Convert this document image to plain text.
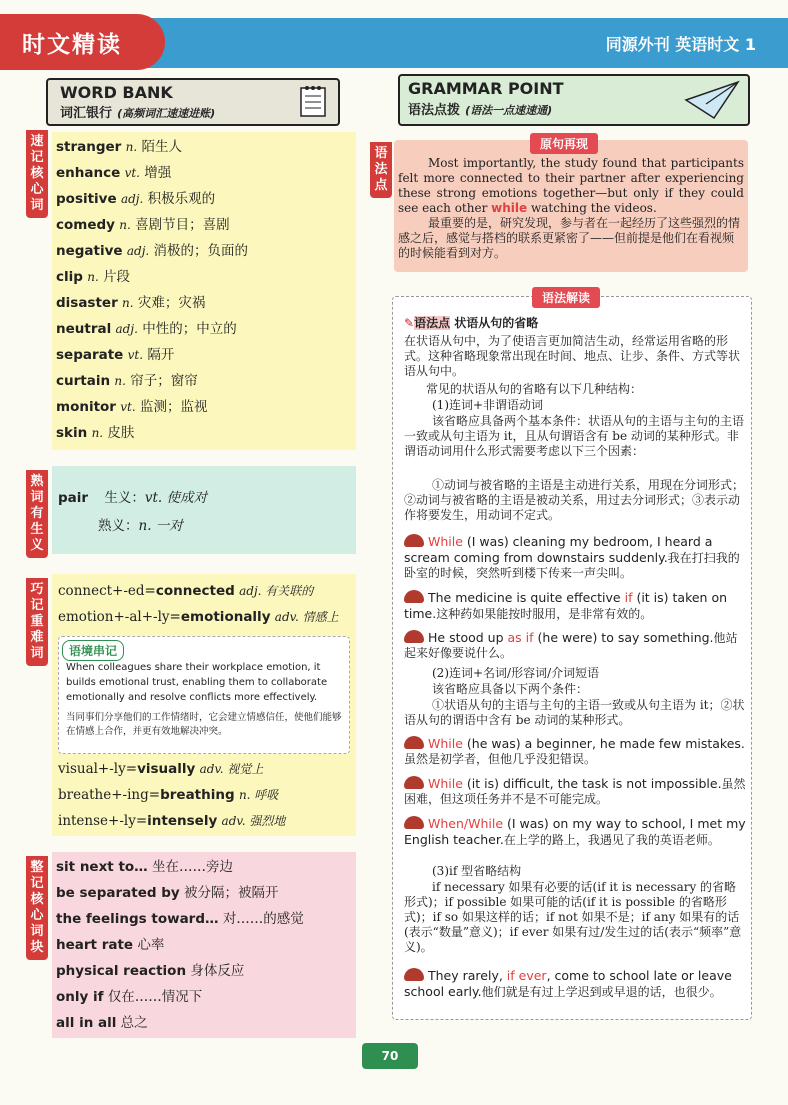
时文精读	同源外刊 英语时文 1
WORD BANK
词汇银行 (高频词汇速速进账)
GRAMMAR POINT
语法点拨 (语法一点速速通)
stranger n. 陌生人
enhance vt. 增强
positive adj. 积极乐观的
comedy n. 喜剧节目；喜剧
negative adj. 消极的；负面的
clip n. 片段
disaster n. 灾难；灾祸
neutral adj. 中性的；中立的
separate vt. 隔开
curtain n. 帘子；窗帘
monitor vt. 监测；监视
skin n. 皮肤
速记核心词
pair 生义：vt. 使成对
熟义：n. 一对
熟词有生义
connect+-ed=connected adj. 有关联的
emotion+-al+-ly=emotionally adv. 情感上
visual+-ly=visually adv. 视觉上
breathe+-ing=breathing n. 呼吸
intense+-ly=intensely adv. 强烈地
语境串记
When colleagues share their workplace emotion, it builds emotional trust, enabling them to collaborate emotionally and resolve conflicts more effectively.
当同事们分享他们的工作情绪时，它会建立情感信任，使他们能够在情感上合作，并更有效地解决冲突。
巧记重难词
sit next to… 坐在……旁边
be separated by 被分隔；被隔开
the feelings toward… 对……的感觉
heart rate 心率
physical reaction 身体反应
only if 仅在……情况下
all in all 总之
整记核心词块
语法点
原句再现
Most importantly, the study found that participants felt more connected to their partner after experiencing these strong emotions together—but only if they could see each other while watching the videos.
最重要的是，研究发现，参与者在一起经历了这些强烈的情感之后，感觉与搭档的联系更紧密了——但前提是他们在看视频的时候能看到对方。
语法解读
✎语法点 状语从句的省略
在状语从句中，为了使语言更加简洁生动，经常运用省略的形式。这种省略现象常出现在时间、地点、让步、条件、方式等状语从句中。
常见的状语从句的省略有以下几种结构：
(1)连词+非谓语动词
该省略应具备两个基本条件：状语从句的主语与主句的主语一致或从句主语为 it，且从句谓语含有 be 动词的某种形式。非谓语动词用什么形式需要考虑以下三个因素：
①动词与被省略的主语是主动进行关系，用现在分词形式；②动词与被省略的主语是被动关系，用过去分词形式；③表示动作将要发生，用动词不定式。
While (I was) cleaning my bedroom, I heard a scream coming from downstairs suddenly.我在打扫我的卧室的时候，突然听到楼下传来一声尖叫。
The medicine is quite effective if (it is) taken on time.这种药如果能按时服用，是非常有效的。
He stood up as if (he were) to say something.他站起来好像要说什么。
(2)连词+名词/形容词/介词短语
该省略应具备以下两个条件：
①状语从句的主语与主句的主语一致或从句主语为 it；②状语从句的谓语中含有 be 动词的某种形式。
While (he was) a beginner, he made few mistakes.虽然是初学者，但他几乎没犯错误。
While (it is) difficult, the task is not impossible.虽然困难，但这项任务并不是不可能完成。
When/While (I was) on my way to school, I met my English teacher.在上学的路上，我遇见了我的英语老师。
(3)if 型省略结构
if necessary 如果有必要的话(if it is necessary 的省略形式)；if possible 如果可能的话(if it is possible 的省略形式)；if so 如果这样的话；if not 如果不是；if any 如果有的话(表示“数量”意义)；if ever 如果有过/发生过的话(表示“频率”意义)。
They rarely, if ever, come to school late or leave school early.他们就是有过上学迟到或早退的话，也很少。
70
